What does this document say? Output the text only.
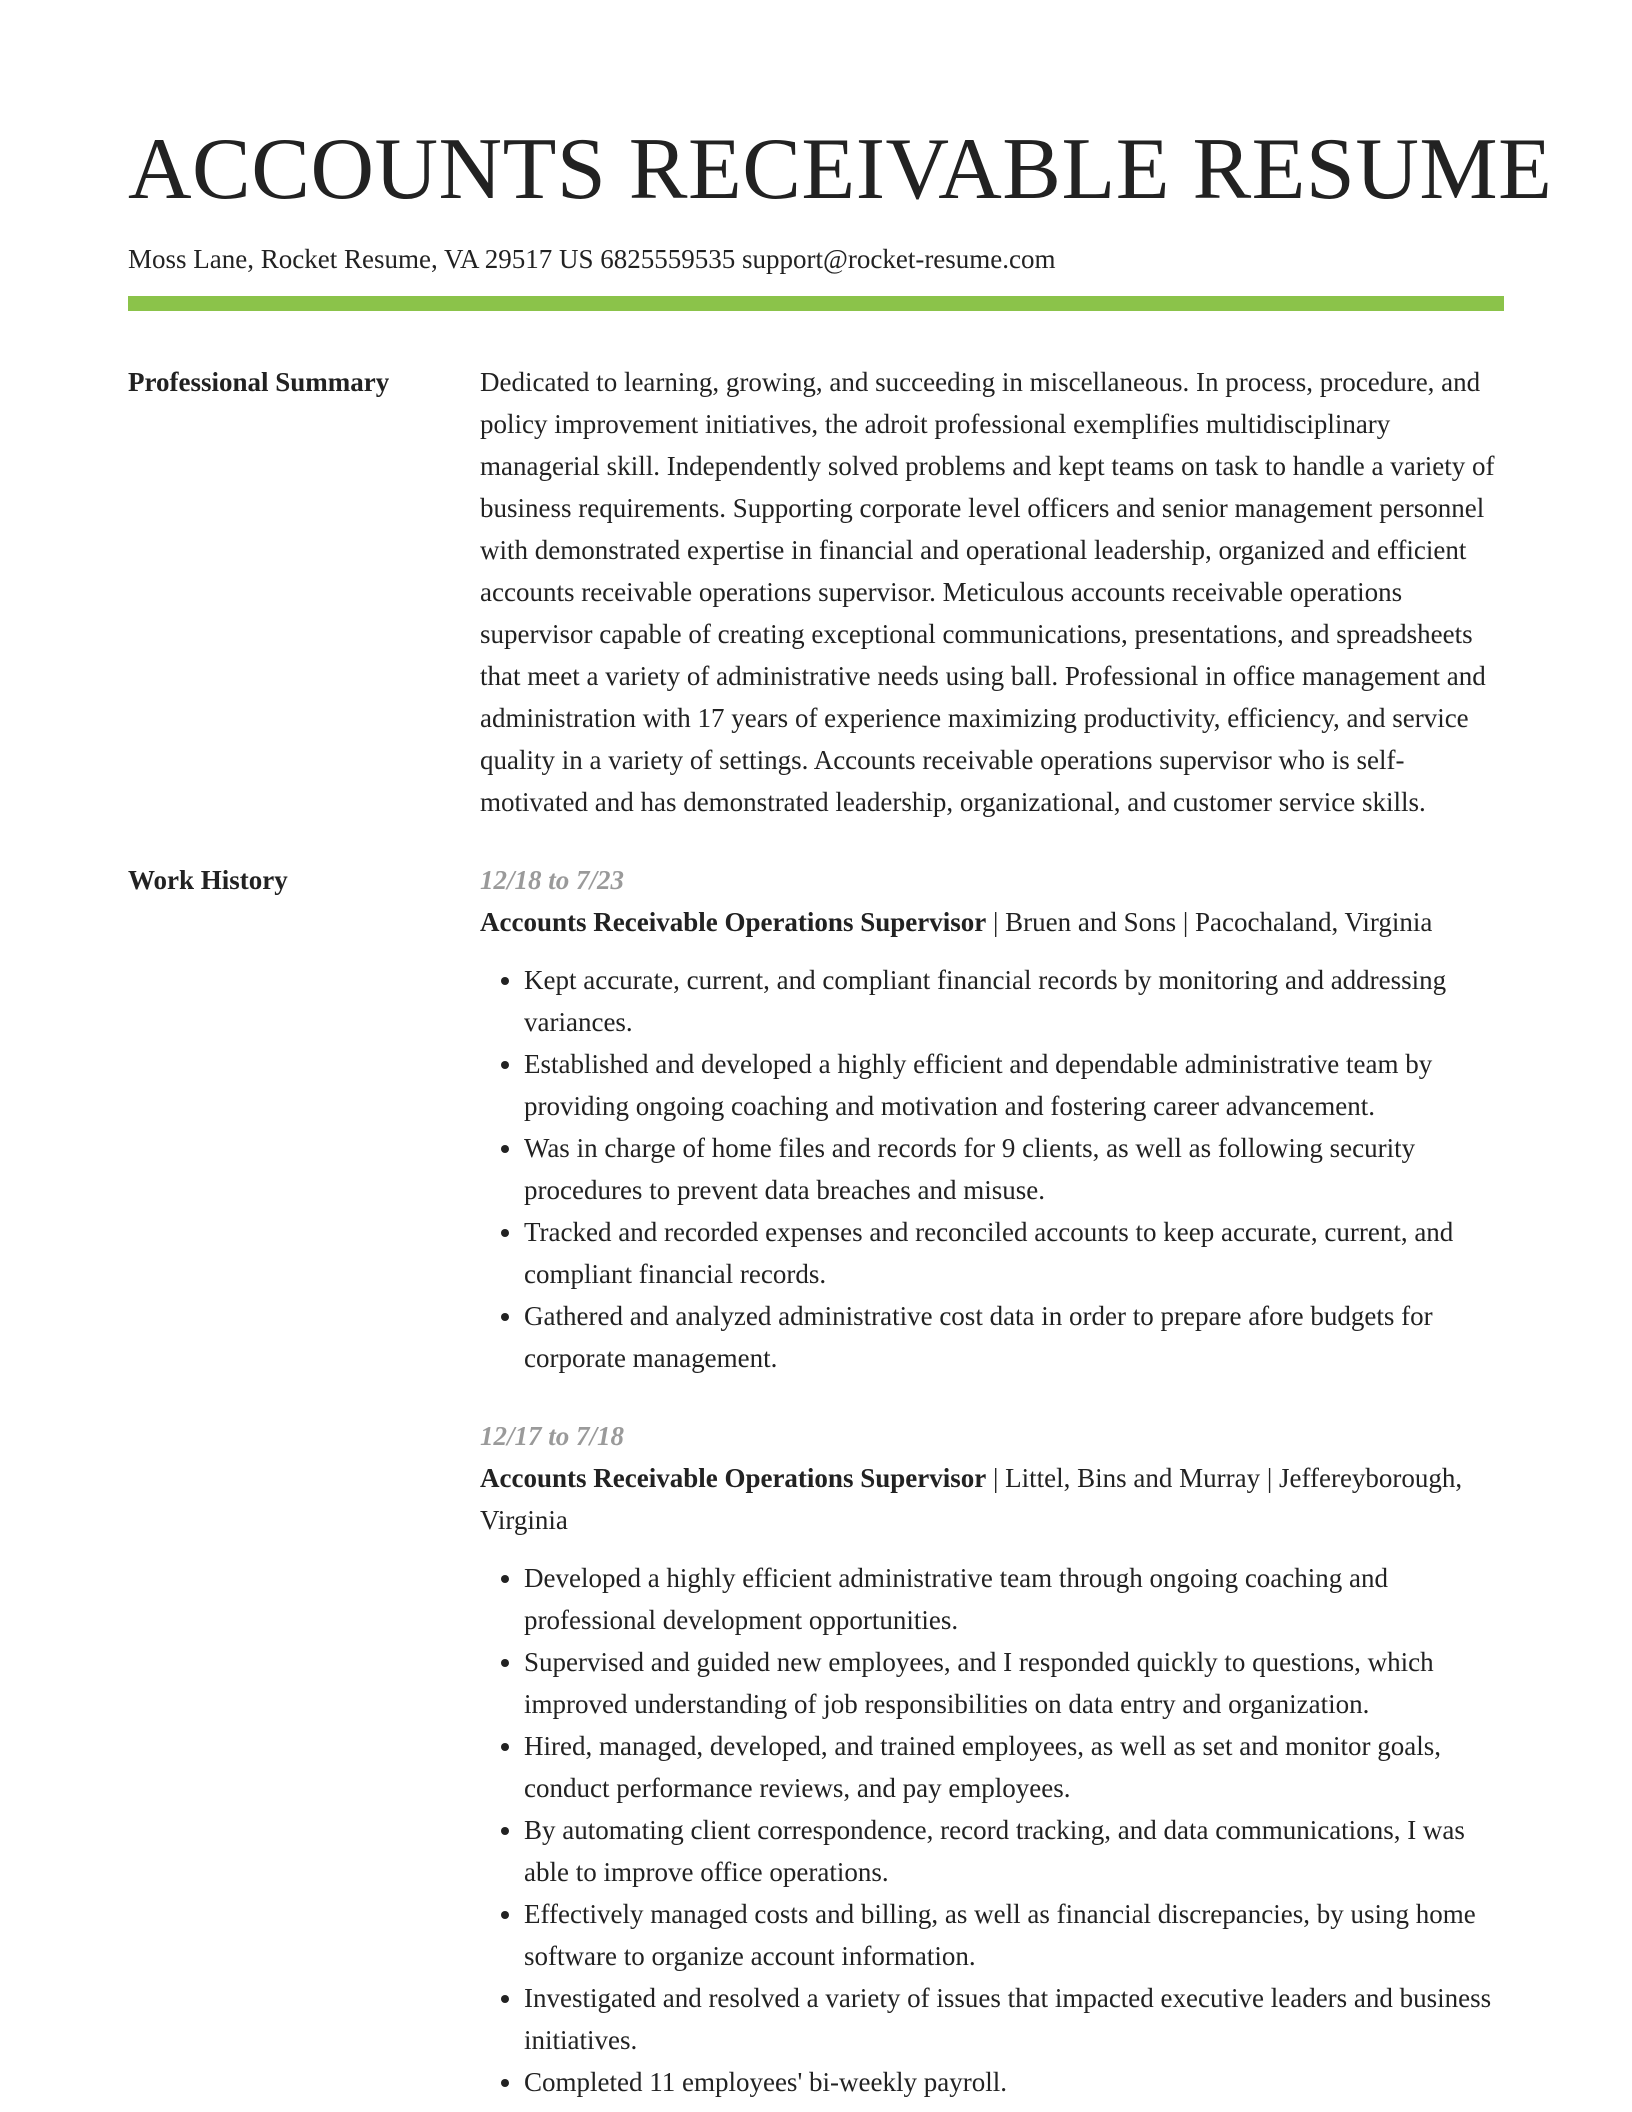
ACCOUNTS RECEIVABLE RESUME
Moss Lane, Rocket Resume, VA 29517 US 6825559535 support@rocket-resume.com
Professional Summary	Dedicated to learning, growing, and succeeding in miscellaneous. In process, procedure, and policy improvement initiatives, the adroit professional exemplifies multidisciplinary managerial skill. Independently solved problems and kept teams on task to handle a variety of business requirements. Supporting corporate level officers and senior management personnel with demonstrated expertise in financial and operational leadership, organized and efficient accounts receivable operations supervisor. Meticulous accounts receivable operations supervisor capable of creating exceptional communications, presentations, and spreadsheets that meet a variety of administrative needs using ball. Professional in office management and administration with 17 years of experience maximizing productivity, efficiency, and service quality in a variety of settings. Accounts receivable operations supervisor who is self-motivated and has demonstrated leadership, organizational, and customer service skills.

Work History	12/18 to 7/23
Accounts Receivable Operations Supervisor | Bruen and Sons | Pacochaland, Virginia
• Kept accurate, current, and compliant financial records by monitoring and addressing variances.
• Established and developed a highly efficient and dependable administrative team by providing ongoing coaching and motivation and fostering career advancement.
• Was in charge of home files and records for 9 clients, as well as following security procedures to prevent data breaches and misuse.
• Tracked and recorded expenses and reconciled accounts to keep accurate, current, and compliant financial records.
• Gathered and analyzed administrative cost data in order to prepare afore budgets for corporate management.
12/17 to 7/18
Accounts Receivable Operations Supervisor | Littel, Bins and Murray | Jeffereyborough, Virginia
• Developed a highly efficient administrative team through ongoing coaching and professional development opportunities.
• Supervised and guided new employees, and I responded quickly to questions, which improved understanding of job responsibilities on data entry and organization.
• Hired, managed, developed, and trained employees, as well as set and monitor goals, conduct performance reviews, and pay employees.
• By automating client correspondence, record tracking, and data communications, I was able to improve office operations.
• Effectively managed costs and billing, as well as financial discrepancies, by using home software to organize account information.
• Investigated and resolved a variety of issues that impacted executive leaders and business initiatives.
• Completed 11 employees' bi-weekly payroll.
